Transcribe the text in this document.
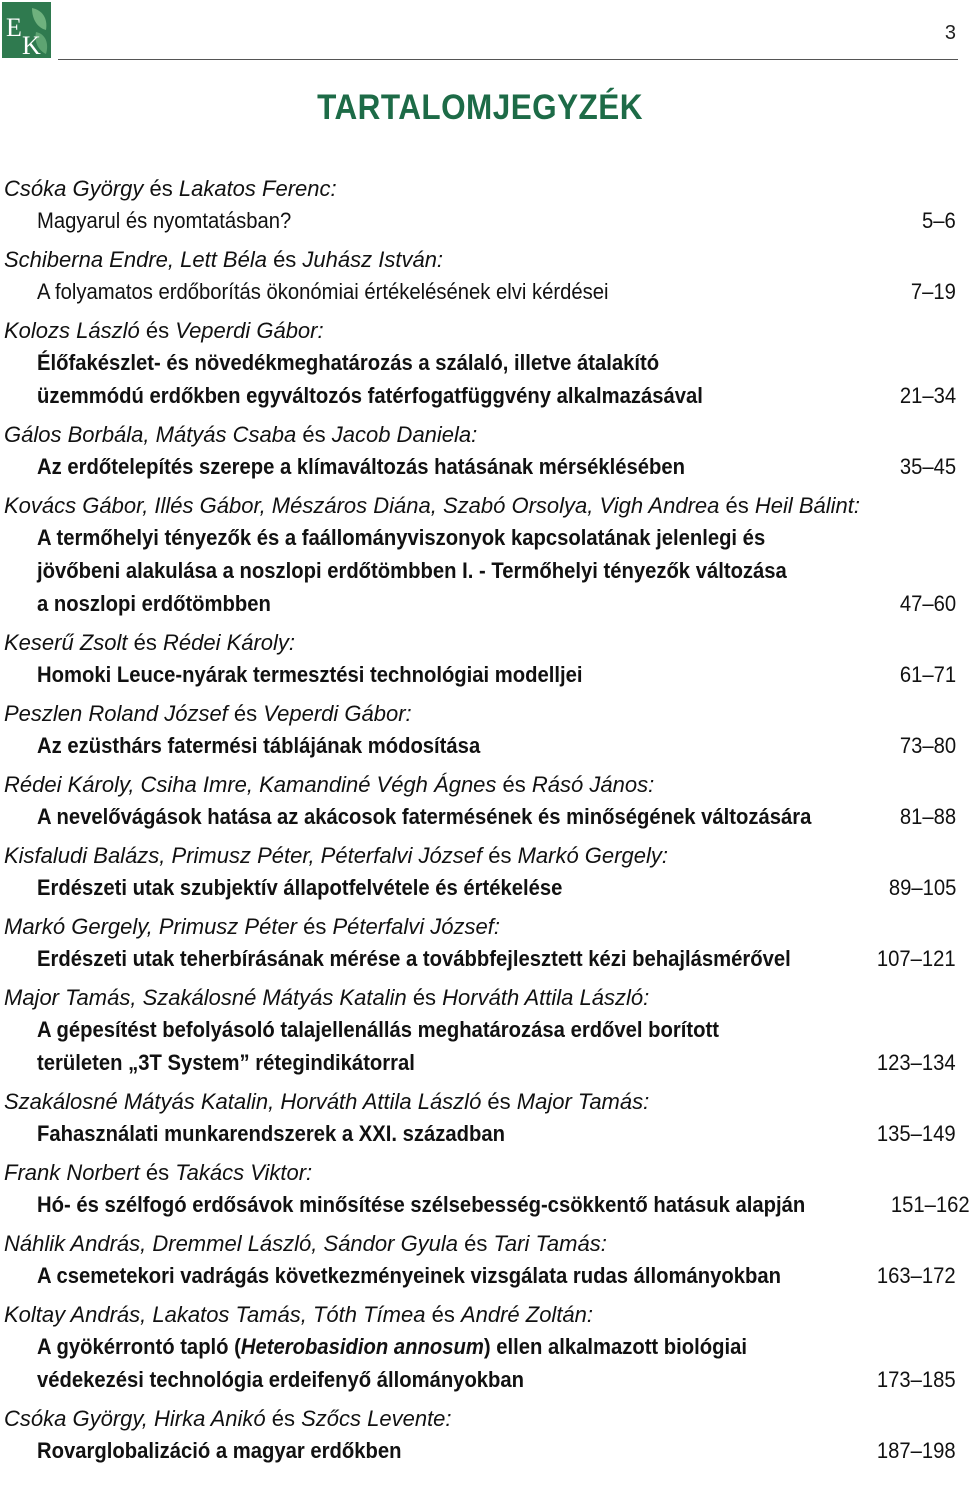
E
K	3
TARTALOMJEGYZÉK
Csóka György és Lakatos Ferenc:
Magyarul és nyomtatásban?	5–6
Schiberna Endre, Lett Béla és Juhász István:
A folyamatos erdőborítás ökonómiai értékelésének elvi kérdései	7–19
Kolozs László és Veperdi Gábor:
Élőfakészlet- és növedékmeghatározás a szálaló, illetve átalakító
üzemmódú erdőkben egyváltozós fatérfogatfüggvény alkalmazásával	21–34
Gálos Borbála, Mátyás Csaba és Jacob Daniela:
Az erdőtelepítés szerepe a klímaváltozás hatásának mérséklésében	35–45
Kovács Gábor, Illés Gábor, Mészáros Diána, Szabó Orsolya, Vigh Andrea és Heil Bálint:
A termőhelyi tényezők és a faállományviszonyok kapcsolatának jelenlegi és
jövőbeni alakulása a noszlopi erdőtömbben I. - Termőhelyi tényezők változása
a noszlopi erdőtömbben	47–60
Keserű Zsolt és Rédei Károly:
Homoki Leuce-nyárak termesztési technológiai modelljei	61–71
Peszlen Roland József és Veperdi Gábor:
Az ezüsthárs fatermési táblájának módosítása	73–80
Rédei Károly, Csiha Imre, Kamandiné Végh Ágnes és Rásó János:
A nevelővágások hatása az akácosok fatermésének és minőségének változására	81–88
Kisfaludi Balázs, Primusz Péter, Péterfalvi József és Markó Gergely:
Erdészeti utak szubjektív állapotfelvétele és értékelése	89–105
Markó Gergely, Primusz Péter és Péterfalvi József:
Erdészeti utak teherbírásának mérése a továbbfejlesztett kézi behajlásmérővel	107–121
Major Tamás, Szakálosné Mátyás Katalin és Horváth Attila László:
A gépesítést befolyásoló talajellenállás meghatározása erdővel borított
területen „3T System” rétegindikátorral	123–134
Szakálosné Mátyás Katalin, Horváth Attila László és Major Tamás:
Fahasználati munkarendszerek a XXI. században	135–149
Frank Norbert és Takács Viktor:
Hó- és szélfogó erdősávok minősítése szélsebesség-csökkentő hatásuk alapján	151–162
Náhlik András, Dremmel László, Sándor Gyula és Tari Tamás:
A csemetekori vadrágás következményeinek vizsgálata rudas állományokban	163–172
Koltay András, Lakatos Tamás, Tóth Tímea és André Zoltán:
A gyökérrontó tapló (Heterobasidion annosum) ellen alkalmazott biológiai
védekezési technológia erdeifenyő állományokban	173–185
Csóka György, Hirka Anikó és Szőcs Levente:
Rovarglobalizáció a magyar erdőkben	187–198
